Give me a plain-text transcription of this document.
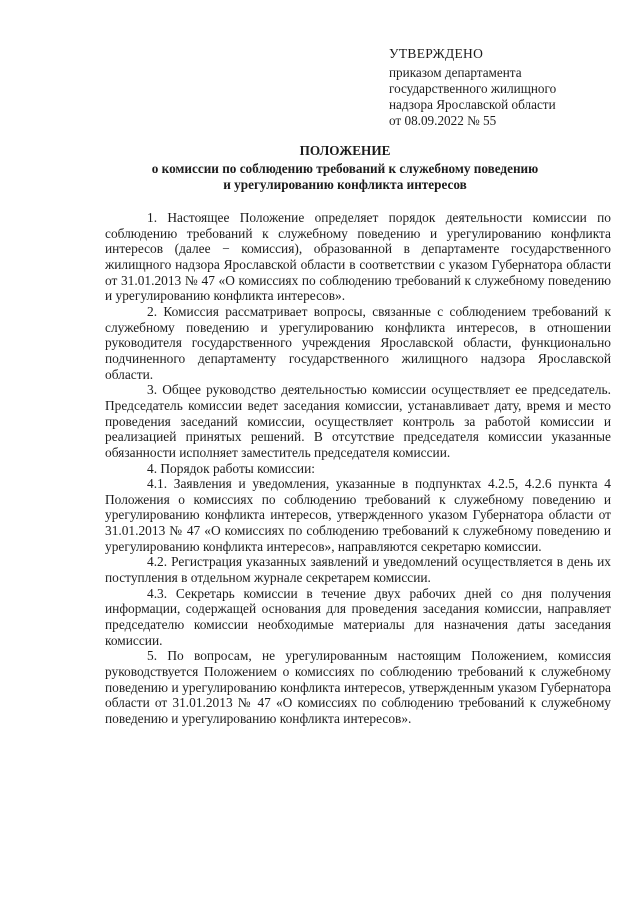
УТВЕРЖДЕНО
приказом департамента
государственного жилищного
надзора Ярославской области
от 08.09.2022 № 55
ПОЛОЖЕНИЕ
о комиссии по соблюдению требований к служебному поведению
и урегулированию конфликта интересов

1. Настоящее Положение определяет порядок деятельности комиссии по соблюдению требований к служебному поведению и урегулированию конфликта интересов (далее − комиссия), образованной в департаменте государственного жилищного надзора Ярославской области в соответствии с указом Губернатора области от 31.01.2013 № 47 «О комиссиях по соблюдению требований к служебному поведению и урегулированию конфликта интересов».

2. Комиссия рассматривает вопросы, связанные с соблюдением требований к служебному поведению и урегулированию конфликта интересов, в отношении руководителя государственного учреждения Ярославской области, функционально подчиненного департаменту государственного жилищного надзора Ярославской области.

3. Общее руководство деятельностью комиссии осуществляет ее председатель. Председатель комиссии ведет заседания комиссии, устанавливает дату, время и место проведения заседаний комиссии, осуществляет контроль за работой комиссии и реализацией принятых решений. В отсутствие председателя комиссии указанные обязанности исполняет заместитель председателя комиссии.

4. Порядок работы комиссии:

4.1. Заявления и уведомления, указанные в подпунктах 4.2.5, 4.2.6 пункта 4 Положения о комиссиях по соблюдению требований к служебному поведению и урегулированию конфликта интересов, утвержденного указом Губернатора области от 31.01.2013 № 47 «О комиссиях по соблюдению требований к служебному поведению и урегулированию конфликта интересов», направляются секретарю комиссии.

4.2. Регистрация указанных заявлений и уведомлений осуществляется в день их поступления в отдельном журнале секретарем комиссии.

4.3. Секретарь комиссии в течение двух рабочих дней со дня получения информации, содержащей основания для проведения заседания комиссии, направляет председателю комиссии необходимые материалы для назначения даты заседания комиссии.

5. По вопросам, не урегулированным настоящим Положением, комиссия руководствуется Положением о комиссиях по соблюдению требований к служебному поведению и урегулированию конфликта интересов, утвержденным указом Губернатора области от 31.01.2013 № 47 «О комиссиях по соблюдению требований к служебному поведению и урегулированию конфликта интересов».
